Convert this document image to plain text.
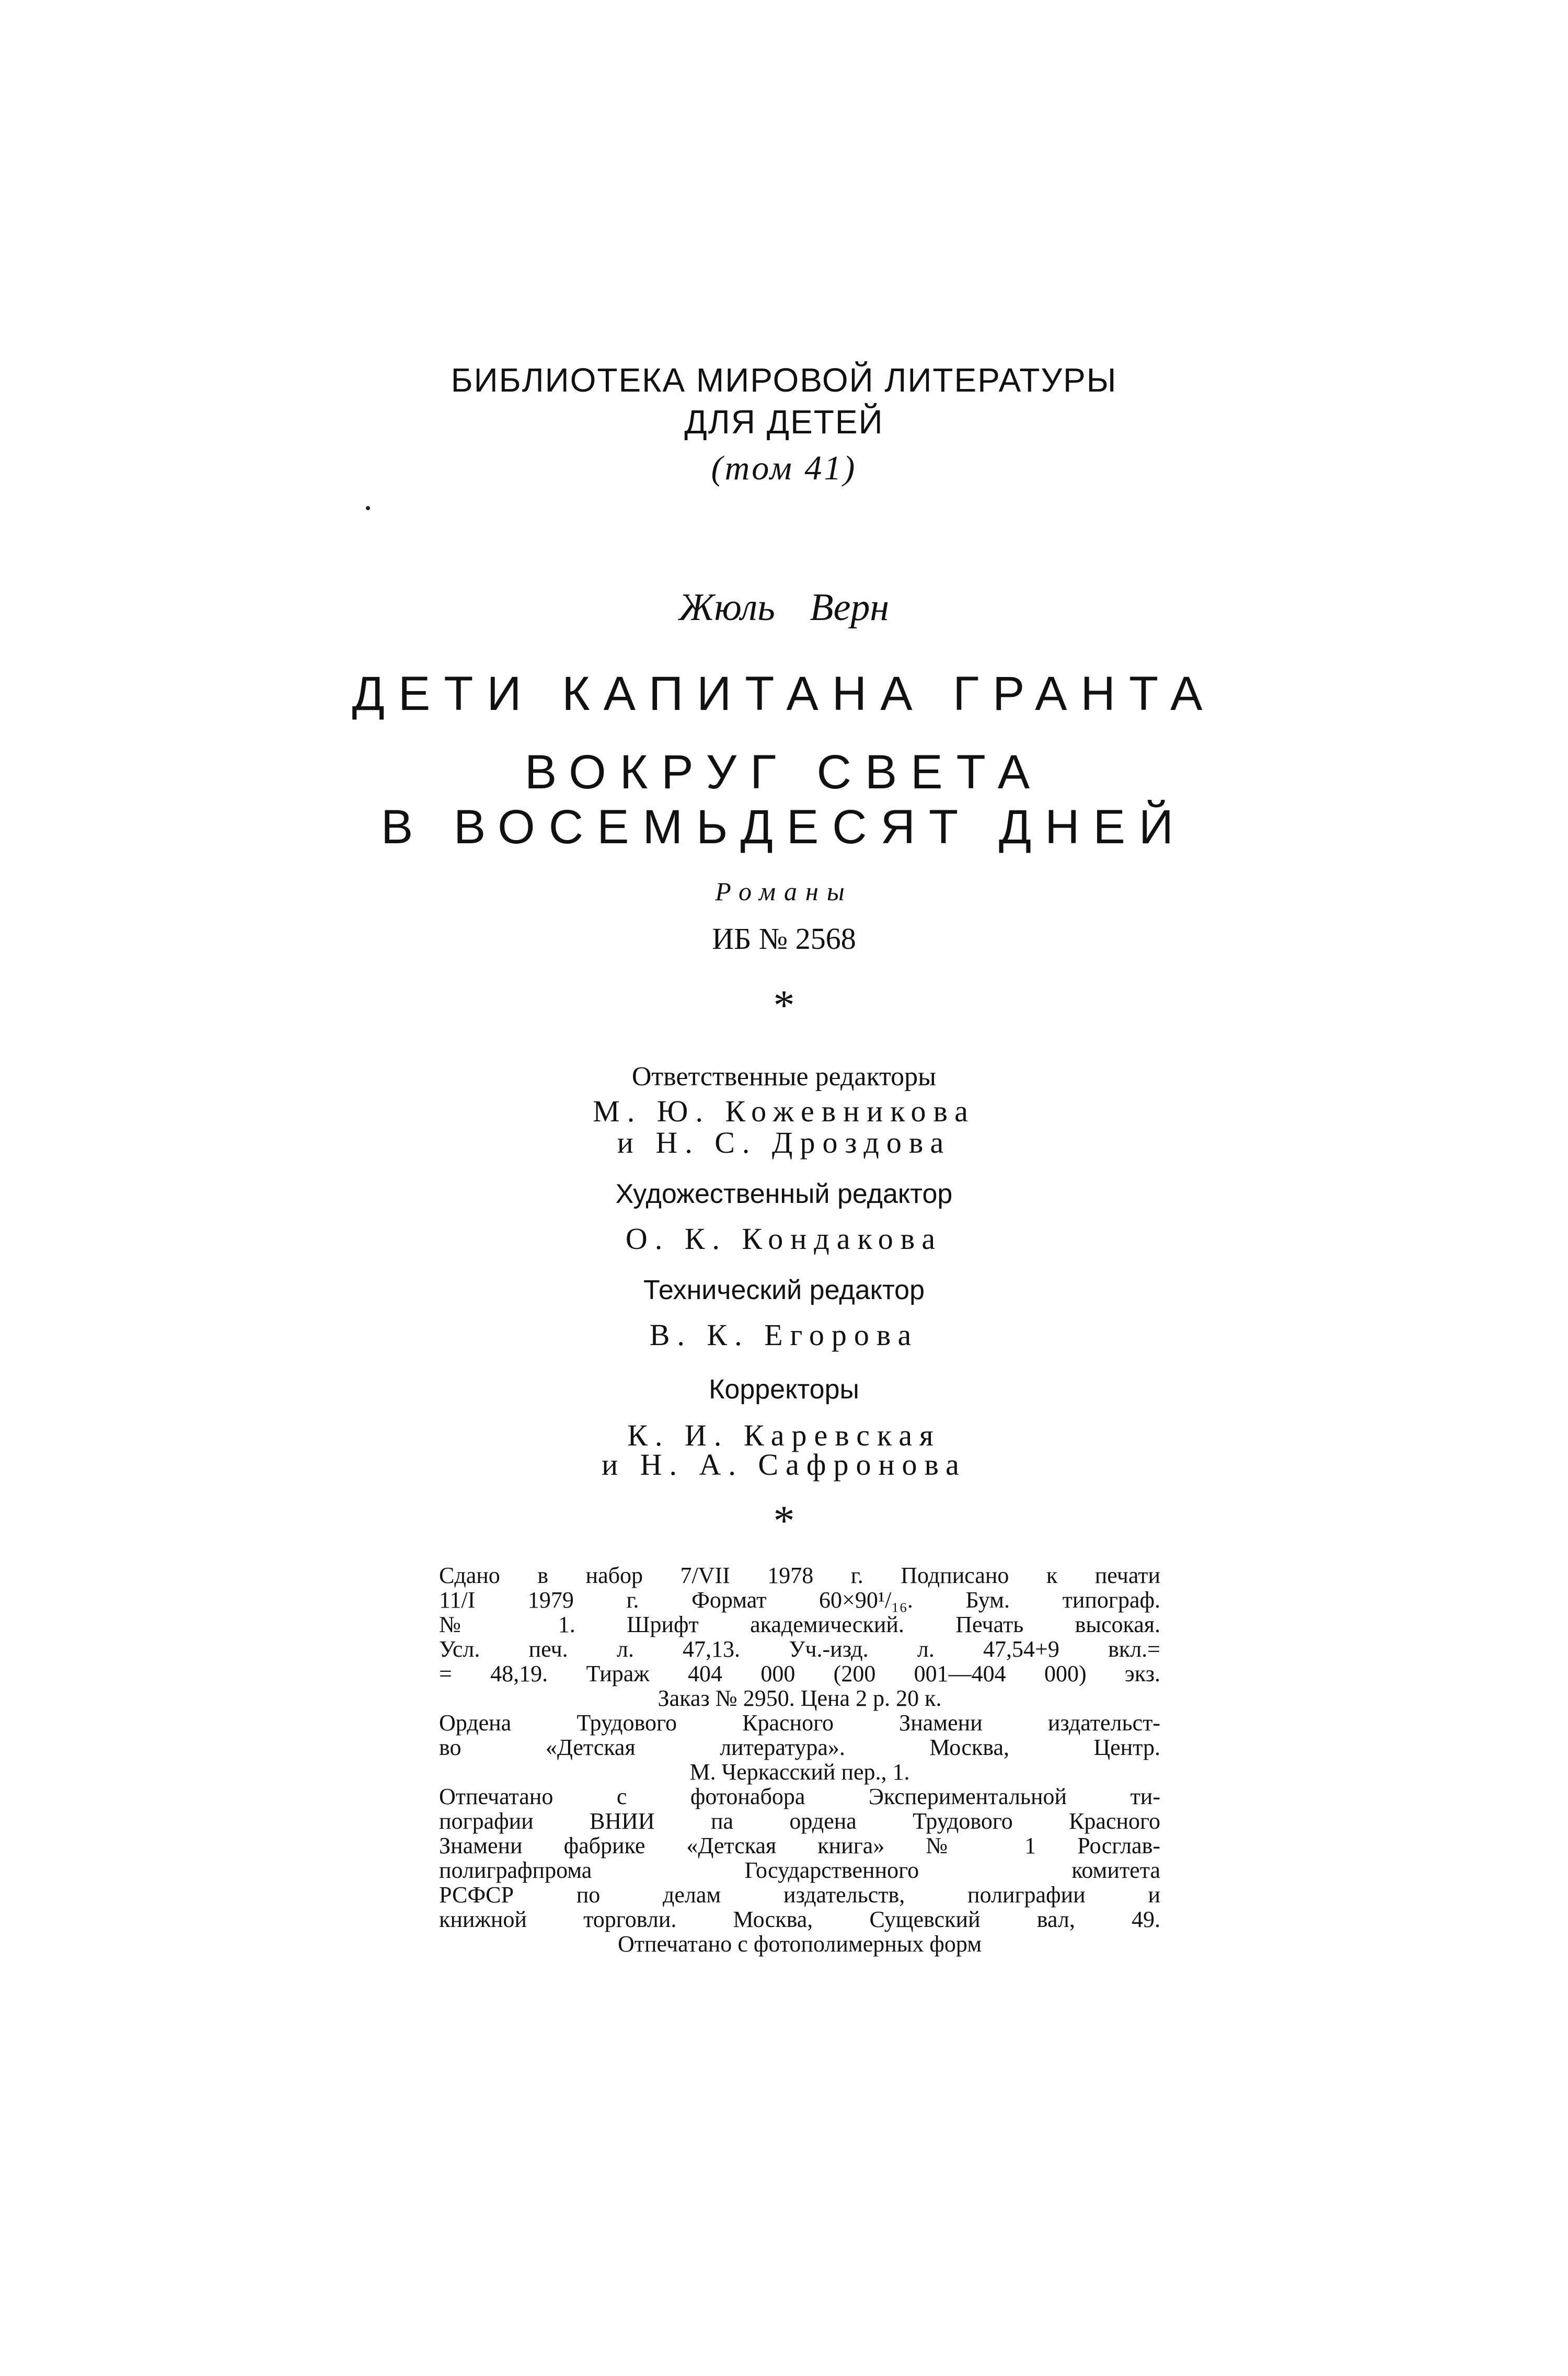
БИБЛИОТЕКА МИРОВОЙ ЛИТЕРАТУРЫ
ДЛЯ ДЕТЕЙ
(том 41)
Жюль Верн
ДЕТИ КАПИТАНА ГРАНТА
ВОКРУГ СВЕТА
В ВОСЕМЬДЕСЯТ ДНЕЙ
Романы
ИБ № 2568
*
Ответственные редакторы
М. Ю. Кожевникова
и Н. С. Дроздова
Художественный редактор
О. К. Кондакова
Технический редактор
В. К. Егорова
Корректоры
К. И. Каревская
и Н. А. Сафронова
*
Сдано в набор 7/VII 1978 г. Подписано к печати
11/I 1979 г. Формат 60×90¹/₁₆. Бум. типограф.
№ 1. Шрифт академический. Печать высокая.
Усл. печ. л. 47,13. Уч.-изд. л. 47,54+9 вкл.=
= 48,19. Тираж 404 000 (200 001—404 000) экз.
Заказ № 2950. Цена 2 р. 20 к.
Ордена Трудового Красного Знамени издательст-
во «Детская литература». Москва, Центр.
М. Черкасский пер., 1.
Отпечатано с фотонабора Экспериментальной ти-
пографии ВНИИ па ордена Трудового Красного
Знамени фабрике «Детская книга» № 1 Росглав-
полиграфпрома Государственного комитета
РСФСР по делам издательств, полиграфии и
книжной торговли. Москва, Сущевский вал, 49.
Отпечатано с фотополимерных форм
